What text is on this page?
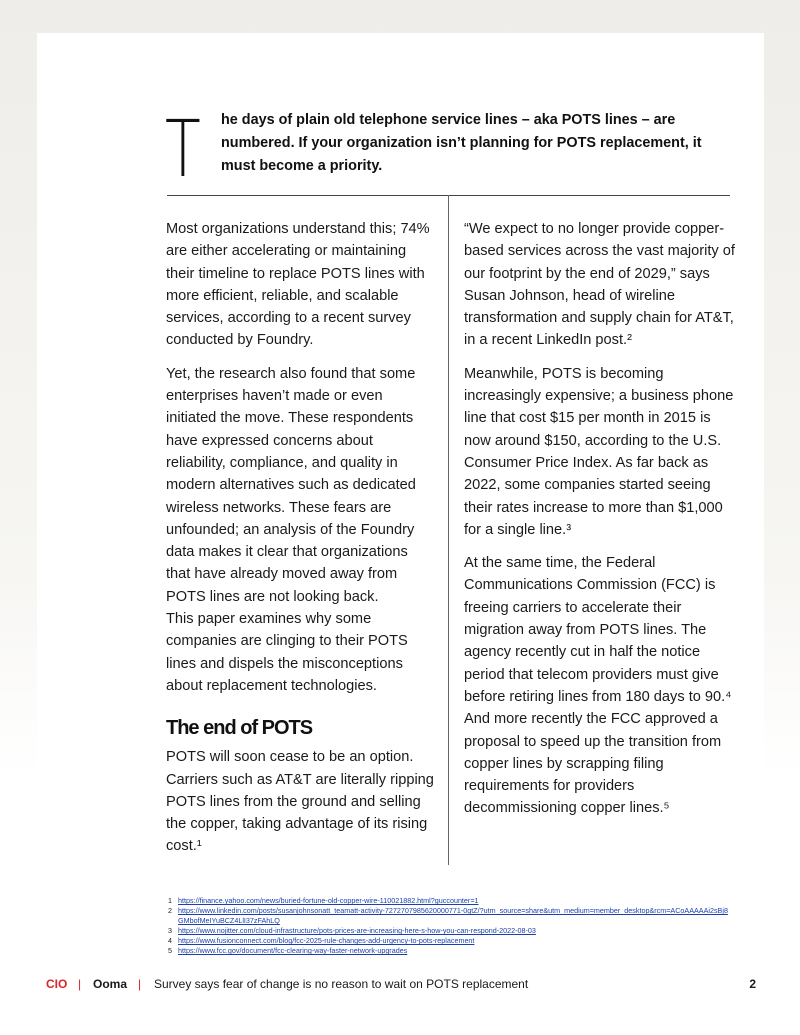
T he days of plain old telephone service lines – aka POTS lines – are numbered. If your organization isn’t planning for POTS replacement, it must become a priority.

Most organizations understand this; 74% are either accelerating or maintaining their timeline to replace POTS lines with more efficient, reliable, and scalable services, according to a recent survey conducted by Foundry.

Yet, the research also found that some enterprises haven’t made or even initiated the move. These respondents have expressed concerns about reliability, compliance, and quality in modern alternatives such as dedicated wireless networks. These fears are unfounded; an analysis of the Foundry data makes it clear that organizations that have already moved away from POTS lines are not looking back.

This paper examines why some companies are clinging to their POTS lines and dispels the misconceptions about replacement technologies.

The end of POTS

POTS will soon cease to be an option. Carriers such as AT&T are literally ripping POTS lines from the ground and selling the copper, taking advantage of its rising cost.¹

“We expect to no longer provide copper-based services across the vast majority of our footprint by the end of 2029,” says Susan Johnson, head of wireline transformation and supply chain for AT&T, in a recent LinkedIn post.²

Meanwhile, POTS is becoming increasingly expensive; a business phone line that cost $15 per month in 2015 is now around $150, according to the U.S. Consumer Price Index. As far back as 2022, some companies started seeing their rates increase to more than $1,000 for a single line.³

At the same time, the Federal Communications Commission (FCC) is freeing carriers to accelerate their migration away from POTS lines. The agency recently cut in half the notice period that telecom providers must give before retiring lines from 180 days to 90.⁴ And more recently the FCC approved a proposal to speed up the transition from copper lines by scrapping filing requirements for providers decommissioning copper lines.⁵

1 https://finance.yahoo.com/news/buried-fortune-old-copper-wire-110021882.html?guccounter=1
2 https://www.linkedin.com/posts/susanjohnsonatt_teamatt-activity-7272707985620000771-0gtZ/?utm_source=share&utm_medium=member_desktop&rcm=ACoAAAAAi2sBj8GMbofMeIYuBCZ4LlI37zFAhLQ
3 https://www.nojitter.com/cloud-infrastructure/pots-prices-are-increasing-here-s-how-you-can-respond-2022-08-03
4 https://www.fusionconnect.com/blog/fcc-2025-rule-changes-add-urgency-to-pots-replacement
5 https://www.fcc.gov/document/fcc-clearing-way-faster-network-upgrades
CIO | Ooma | Survey says fear of change is no reason to wait on POTS replacement	2
